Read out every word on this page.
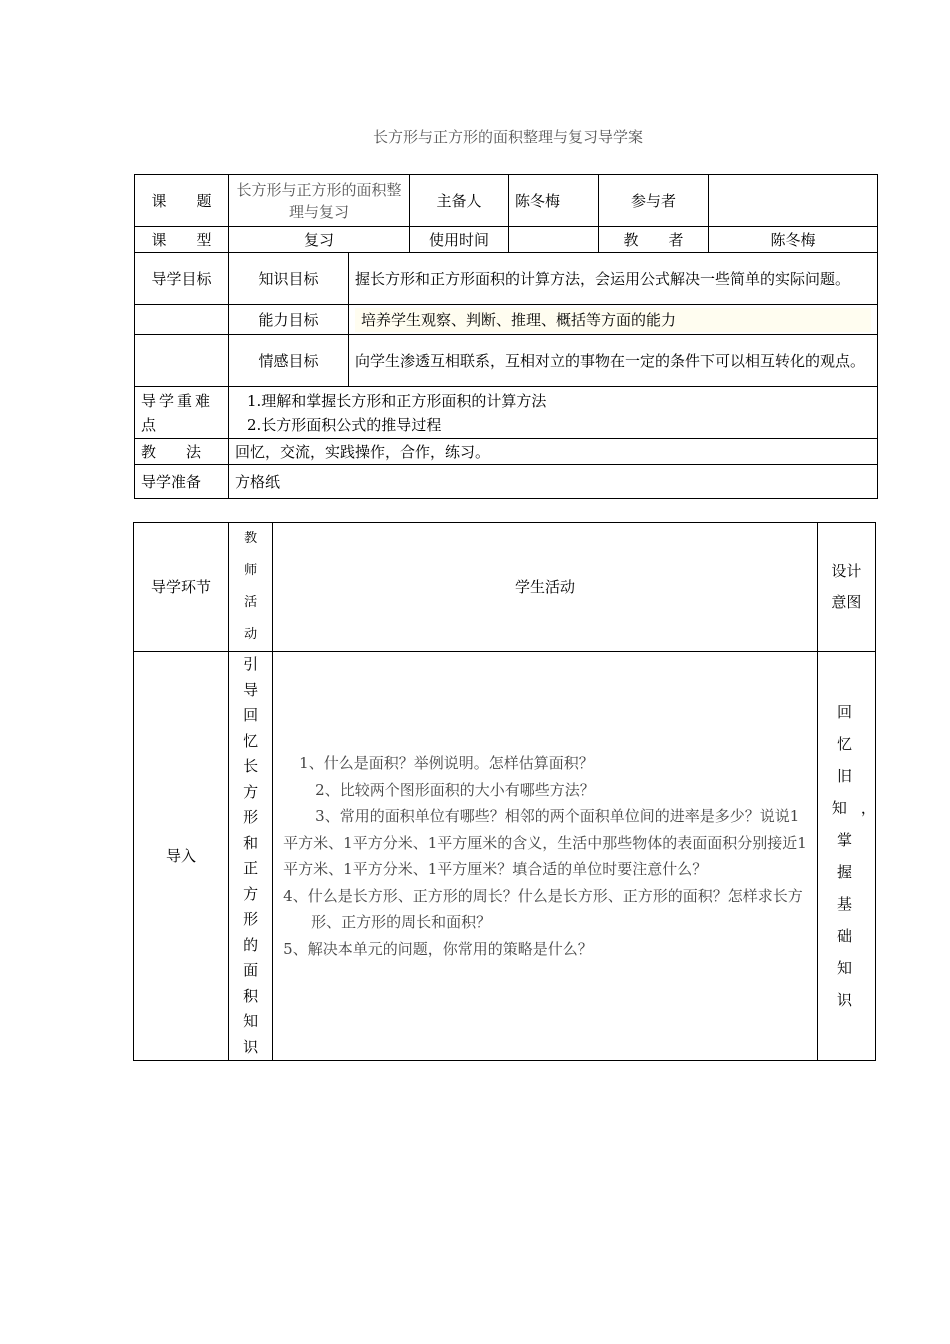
长方形与正方形的面积整理与复习导学案
课　　题	长方形与正方形的面积整理与复习		主备人	陈冬梅	参与者	
课　　型	复习		使用时间		教　　者	陈冬梅
导学目标	知识目标	握长方形和正方形面积的计算方法，会运用公式解决一些简单的实际问题。				
	能力目标	培养学生观察、判断、推理、概括等方面的能力				

	情感目标	向学生渗透互相联系，互相对立的事物在一定的条件下可以相互转化的观点。				
导学重难点	1.理解和掌握长方形和正方形面积的计算方法
2.长方形面积公式的推导过程					

教　　法	回忆，交流，实践操作，合作，练习。					
导学准备	方格纸					
导学环节	教师活动	学生活动	设计意图

导入	引导回忆长方形和正方形的面积知识	1、什么是面积？举例说明。怎样估算面积？

2、比较两个图形面积的大小有哪些方法？

3、常用的面积单位有哪些？相邻的两个面积单位间的进率是多少？说说1平方米、1平方分米、1平方厘米的含义，生活中那些物体的表面面积分别接近1平方米、1平方分米、1平方厘米？填合适的单位时要注意什么？

4、什么是长方形、正方形的周长？什么是长方形、正方形的面积？怎样求长方形、正方形的周长和面积？

5、解决本单元的问题，你常用的策略是什么？	回忆旧知，掌握基础知识
